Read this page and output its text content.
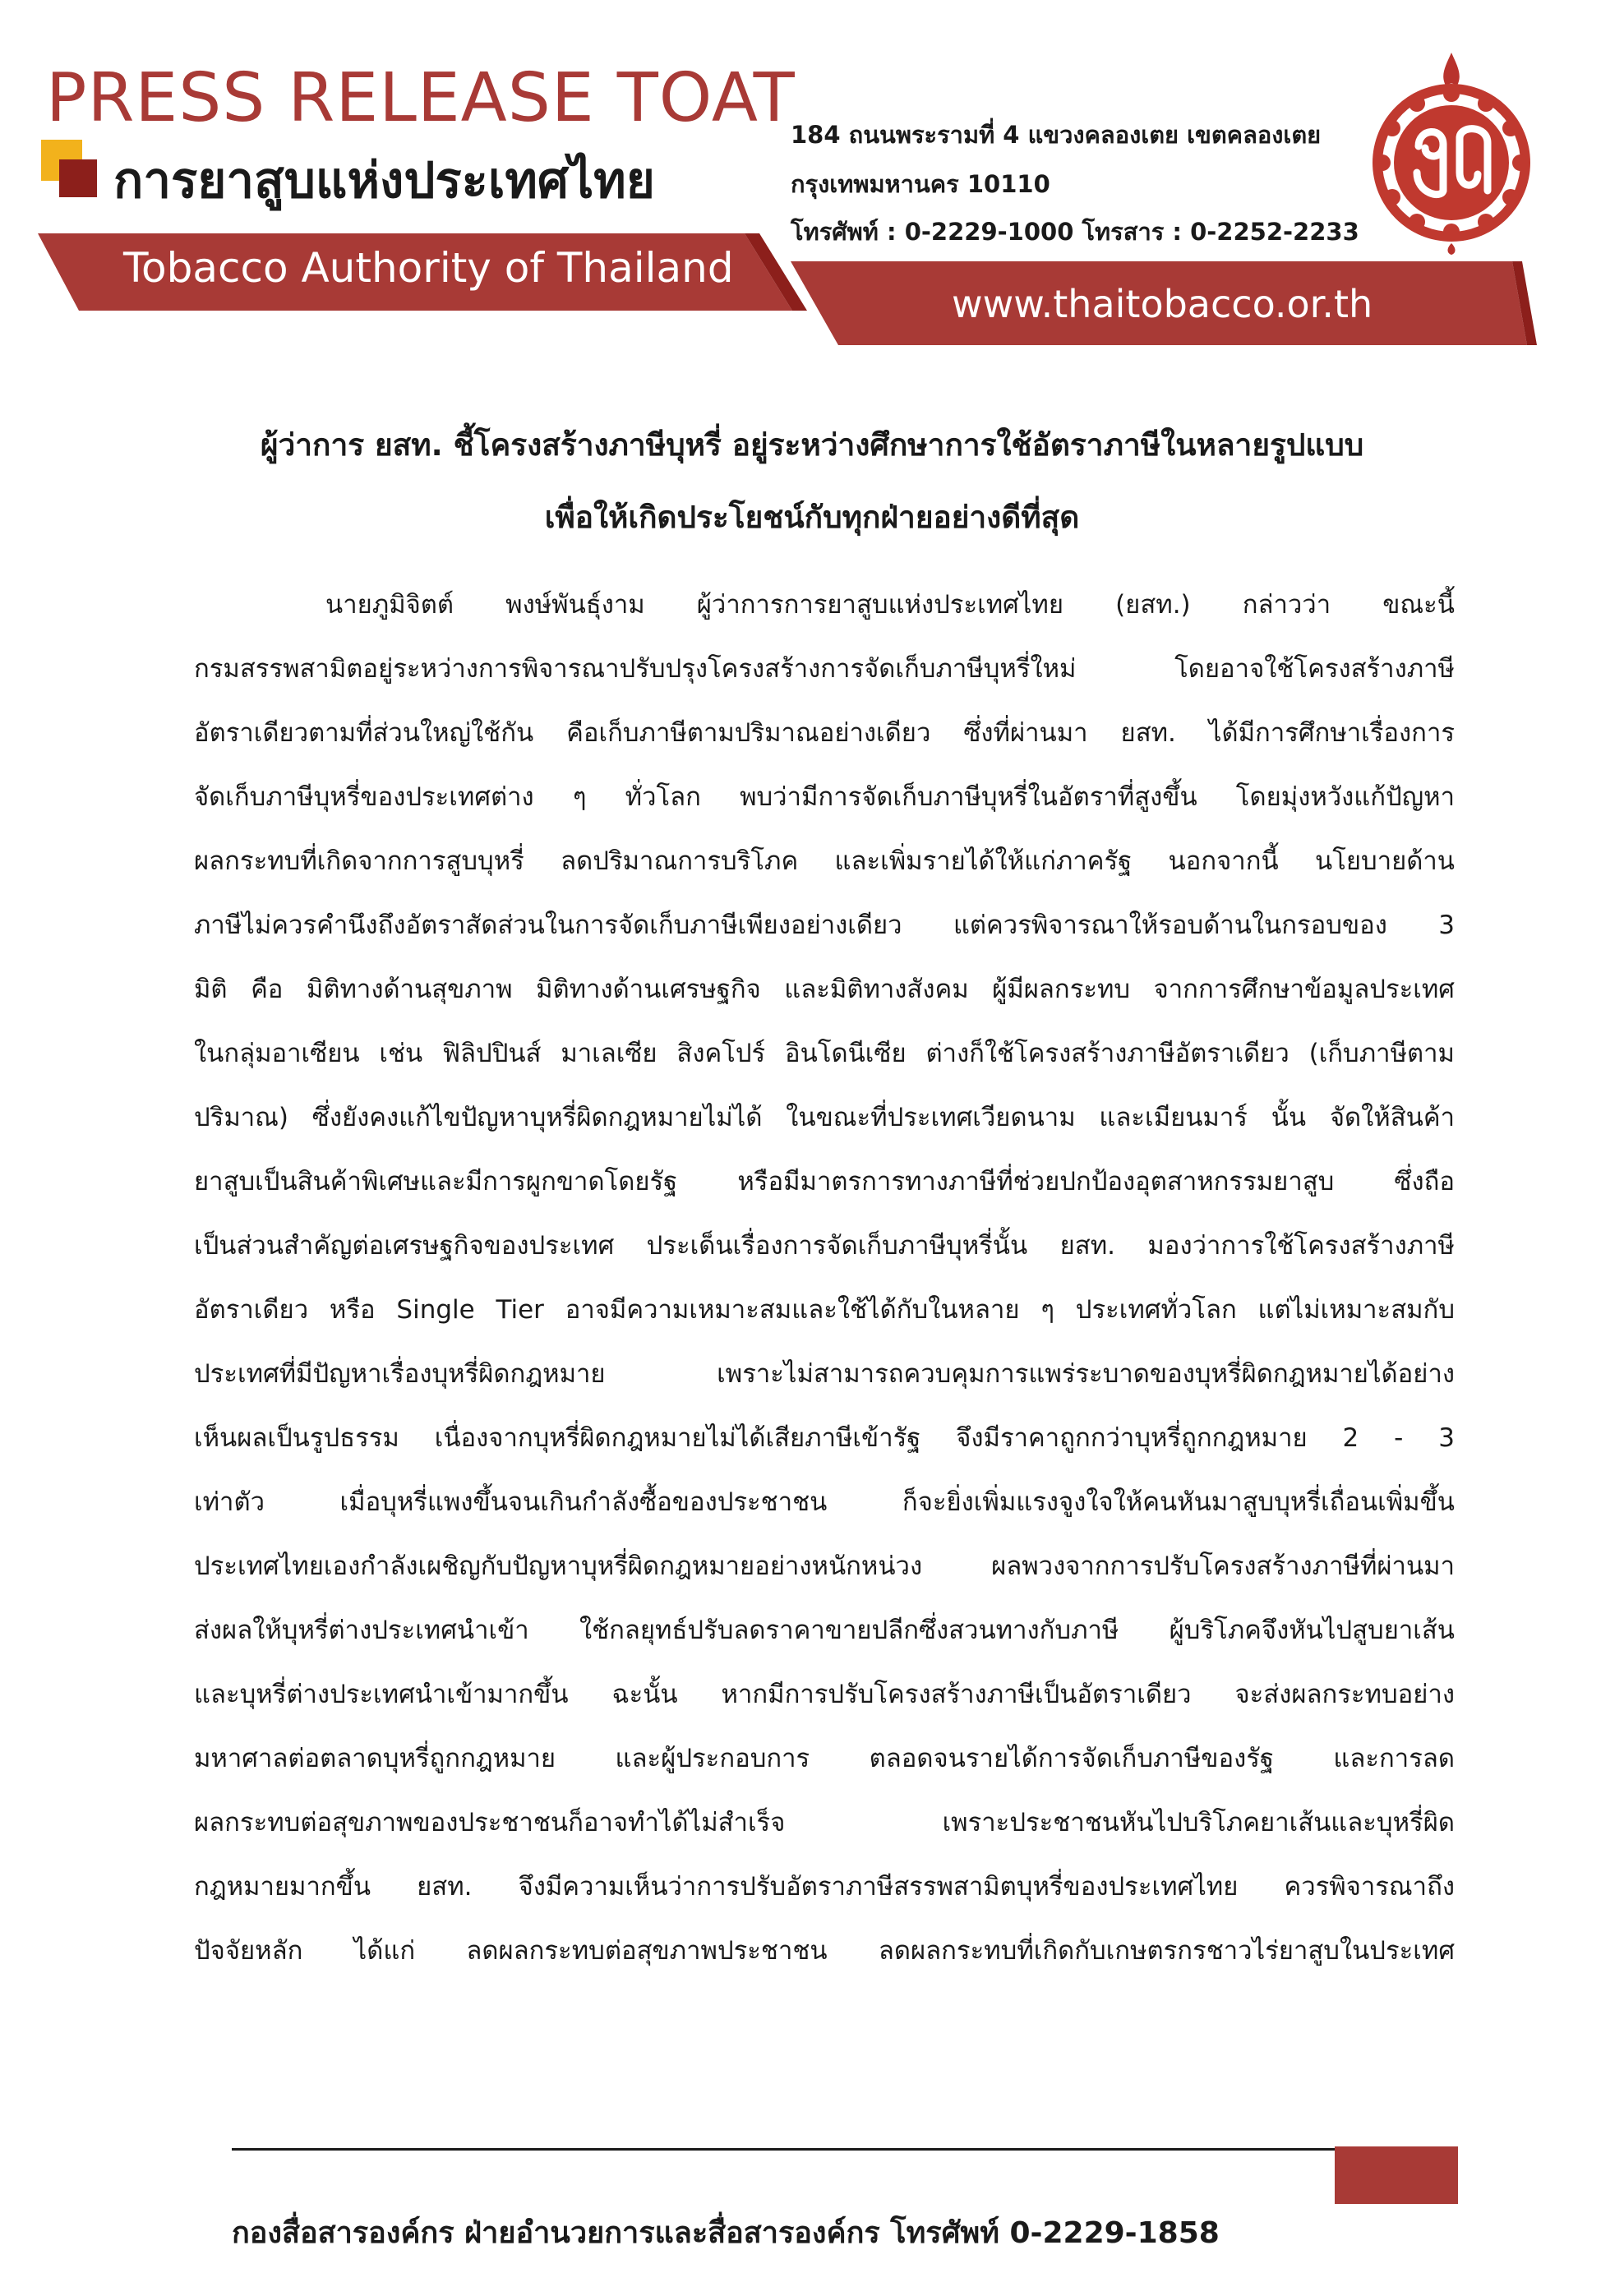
PRESS RELEASE TOAT
การยาสูบแห่งประเทศไทย
Tobacco Authority of Thailand
184 ถนนพระรามที่ 4 แขวงคลองเตย เขตคลองเตย
กรุงเทพมหานคร 10110
โทรศัพท์ : 0-2229-1000 โทรสาร : 0-2252-2233
www.thaitobacco.or.th
ผู้ว่าการ ยสท. ชี้โครงสร้างภาษีบุหรี่ อยู่ระหว่างศึกษาการใช้อัตราภาษีในหลายรูปแบบ
เพื่อให้เกิดประโยชน์กับทุกฝ่ายอย่างดีที่สุด
นายภูมิจิตต์ พงษ์พันธุ์งาม ผู้ว่าการการยาสูบแห่งประเทศไทย (ยสท.) กล่าวว่า ขณะนี้
กรมสรรพสามิตอยู่ระหว่างการพิจารณาปรับปรุงโครงสร้างการจัดเก็บภาษีบุหรี่ใหม่ โดยอาจใช้โครงสร้างภาษี
อัตราเดียวตามที่ส่วนใหญ่ใช้กัน คือเก็บภาษีตามปริมาณอย่างเดียว ซึ่งที่ผ่านมา ยสท. ได้มีการศึกษาเรื่องการ
จัดเก็บภาษีบุหรี่ของประเทศต่าง ๆ ทั่วโลก พบว่ามีการจัดเก็บภาษีบุหรี่ในอัตราที่สูงขึ้น โดยมุ่งหวังแก้ปัญหา
ผลกระทบที่เกิดจากการสูบบุหรี่ ลดปริมาณการบริโภค และเพิ่มรายได้ให้แก่ภาครัฐ นอกจากนี้ นโยบายด้าน
ภาษีไม่ควรคำนึงถึงอัตราสัดส่วนในการจัดเก็บภาษีเพียงอย่างเดียว แต่ควรพิจารณาให้รอบด้านในกรอบของ 3
มิติ คือ มิติทางด้านสุขภาพ มิติทางด้านเศรษฐกิจ และมิติทางสังคม ผู้มีผลกระทบ จากการศึกษาข้อมูลประเทศ
ในกลุ่มอาเซียน เช่น ฟิลิปปินส์ มาเลเซีย สิงคโปร์ อินโดนีเซีย ต่างก็ใช้โครงสร้างภาษีอัตราเดียว (เก็บภาษีตาม
ปริมาณ) ซึ่งยังคงแก้ไขปัญหาบุหรี่ผิดกฎหมายไม่ได้ ในขณะที่ประเทศเวียดนาม และเมียนมาร์ นั้น จัดให้สินค้า
ยาสูบเป็นสินค้าพิเศษและมีการผูกขาดโดยรัฐ หรือมีมาตรการทางภาษีที่ช่วยปกป้องอุตสาหกรรมยาสูบ ซึ่งถือ
เป็นส่วนสำคัญต่อเศรษฐกิจของประเทศ ประเด็นเรื่องการจัดเก็บภาษีบุหรี่นั้น ยสท. มองว่าการใช้โครงสร้างภาษี
อัตราเดียว หรือ Single Tier อาจมีความเหมาะสมและใช้ได้กับในหลาย ๆ ประเทศทั่วโลก แต่ไม่เหมาะสมกับ
ประเทศที่มีปัญหาเรื่องบุหรี่ผิดกฎหมาย เพราะไม่สามารถควบคุมการแพร่ระบาดของบุหรี่ผิดกฎหมายได้อย่าง
เห็นผลเป็นรูปธรรม เนื่องจากบุหรี่ผิดกฎหมายไม่ได้เสียภาษีเข้ารัฐ จึงมีราคาถูกกว่าบุหรี่ถูกกฎหมาย 2 - 3
เท่าตัว เมื่อบุหรี่แพงขึ้นจนเกินกำลังซื้อของประชาชน ก็จะยิ่งเพิ่มแรงจูงใจให้คนหันมาสูบบุหรี่เถื่อนเพิ่มขึ้น
ประเทศไทยเองกำลังเผชิญกับปัญหาบุหรี่ผิดกฎหมายอย่างหนักหน่วง ผลพวงจากการปรับโครงสร้างภาษีที่ผ่านมา
ส่งผลให้บุหรี่ต่างประเทศนำเข้า ใช้กลยุทธ์ปรับลดราคาขายปลีกซึ่งสวนทางกับภาษี ผู้บริโภคจึงหันไปสูบยาเส้น
และบุหรี่ต่างประเทศนำเข้ามากขึ้น ฉะนั้น หากมีการปรับโครงสร้างภาษีเป็นอัตราเดียว จะส่งผลกระทบอย่าง
มหาศาลต่อตลาดบุหรี่ถูกกฎหมาย และผู้ประกอบการ ตลอดจนรายได้การจัดเก็บภาษีของรัฐ และการลด
ผลกระทบต่อสุขภาพของประชาชนก็อาจทำได้ไม่สำเร็จ เพราะประชาชนหันไปบริโภคยาเส้นและบุหรี่ผิด
กฎหมายมากขึ้น ยสท. จึงมีความเห็นว่าการปรับอัตราภาษีสรรพสามิตบุหรี่ของประเทศไทย ควรพิจารณาถึง
ปัจจัยหลัก ได้แก่ ลดผลกระทบต่อสุขภาพประชาชน ลดผลกระทบที่เกิดกับเกษตรกรชาวไร่ยาสูบในประเทศ
กองสื่อสารองค์กร ฝ่ายอำนวยการและสื่อสารองค์กร โทรศัพท์ 0-2229-1858
